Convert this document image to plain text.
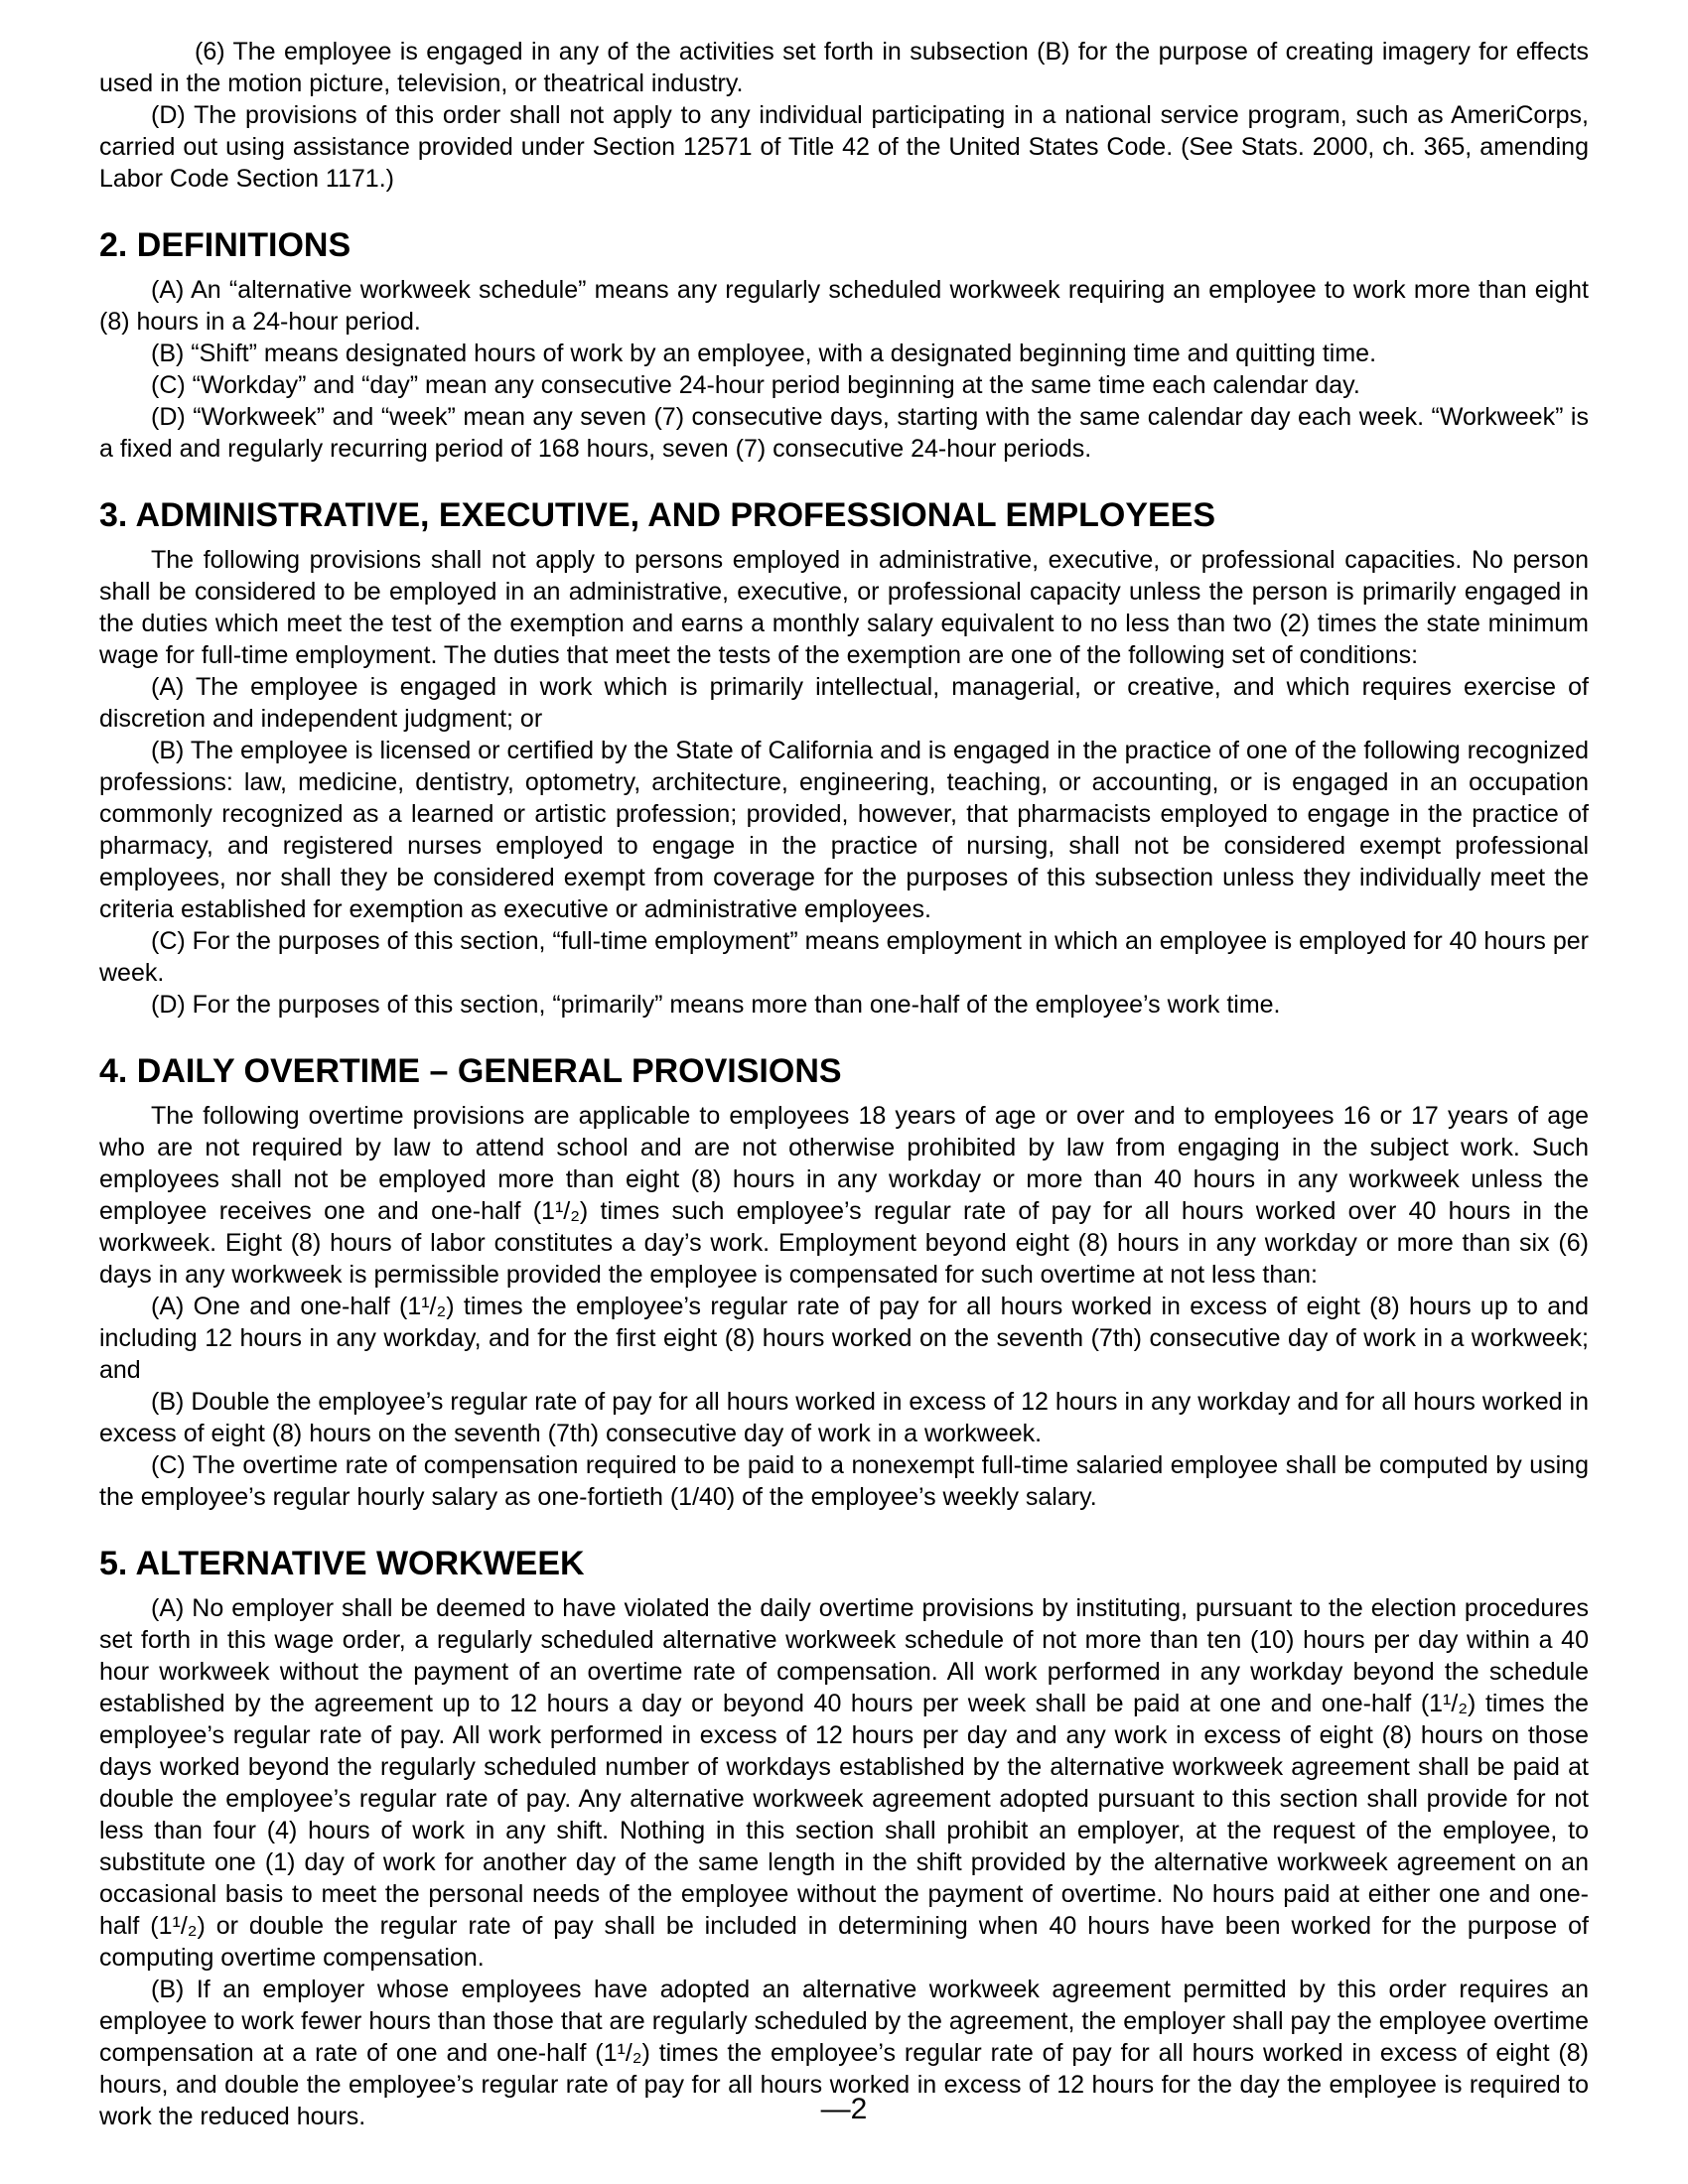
(6) The employee is engaged in any of the activities set forth in subsection (B) for the purpose of creating imagery for effects used in the motion picture, television, or theatrical industry.

(D) The provisions of this order shall not apply to any individual participating in a national service program, such as AmeriCorps, carried out using assistance provided under Section 12571 of Title 42 of the United States Code. (See Stats. 2000, ch. 365, amending Labor Code Section 1171.)

2. DEFINITIONS

(A) An “alternative workweek schedule” means any regularly scheduled workweek requiring an employee to work more than eight (8) hours in a 24-hour period.

(B) “Shift” means designated hours of work by an employee, with a designated beginning time and quitting time.

(C) “Workday” and “day” mean any consecutive 24-hour period beginning at the same time each calendar day.

(D) “Workweek” and “week” mean any seven (7) consecutive days, starting with the same calendar day each week. “Workweek” is a fixed and regularly recurring period of 168 hours, seven (7) consecutive 24-hour periods.

3. ADMINISTRATIVE, EXECUTIVE, AND PROFESSIONAL EMPLOYEES

The following provisions shall not apply to persons employed in administrative, executive, or professional capacities. No person shall be considered to be employed in an administrative, executive, or professional capacity unless the person is primarily engaged in the duties which meet the test of the exemption and earns a monthly salary equivalent to no less than two (2) times the state minimum wage for full-time employment. The duties that meet the tests of the exemption are one of the following set of conditions:

(A) The employee is engaged in work which is primarily intellectual, managerial, or creative, and which requires exercise of discretion and independent judgment; or

(B) The employee is licensed or certified by the State of California and is engaged in the practice of one of the following recognized professions: law, medicine, dentistry, optometry, architecture, engineering, teaching, or accounting, or is engaged in an occupation commonly recognized as a learned or artistic profession; provided, however, that pharmacists employed to engage in the practice of pharmacy, and registered nurses employed to engage in the practice of nursing, shall not be considered exempt professional employees, nor shall they be considered exempt from coverage for the purposes of this subsection unless they individually meet the criteria established for exemption as executive or administrative employees.

(C) For the purposes of this section, “full-time employment” means employment in which an employee is employed for 40 hours per week.

(D) For the purposes of this section, “primarily” means more than one-half of the employee’s work time.

4. DAILY OVERTIME – GENERAL PROVISIONS

The following overtime provisions are applicable to employees 18 years of age or over and to employees 16 or 17 years of age who are not required by law to attend school and are not otherwise prohibited by law from engaging in the subject work. Such employees shall not be employed more than eight (8) hours in any workday or more than 40 hours in any workweek unless the employee receives one and one-half (1¹/₂) times such employee’s regular rate of pay for all hours worked over 40 hours in the workweek. Eight (8) hours of labor constitutes a day’s work. Employment beyond eight (8) hours in any workday or more than six (6) days in any workweek is permissible provided the employee is compensated for such overtime at not less than:

(A) One and one-half (1¹/₂) times the employee’s regular rate of pay for all hours worked in excess of eight (8) hours up to and including 12 hours in any workday, and for the first eight (8) hours worked on the seventh (7th) consecutive day of work in a workweek; and

(B) Double the employee’s regular rate of pay for all hours worked in excess of 12 hours in any workday and for all hours worked in excess of eight (8) hours on the seventh (7th) consecutive day of work in a workweek.

(C) The overtime rate of compensation required to be paid to a nonexempt full-time salaried employee shall be computed by using the employee’s regular hourly salary as one-fortieth (1/40) of the employee’s weekly salary.

5. ALTERNATIVE WORKWEEK

(A) No employer shall be deemed to have violated the daily overtime provisions by instituting, pursuant to the election procedures set forth in this wage order, a regularly scheduled alternative workweek schedule of not more than ten (10) hours per day within a 40 hour workweek without the payment of an overtime rate of compensation. All work performed in any workday beyond the schedule established by the agreement up to 12 hours a day or beyond 40 hours per week shall be paid at one and one-half (1¹/₂) times the employee’s regular rate of pay. All work performed in excess of 12 hours per day and any work in excess of eight (8) hours on those days worked beyond the regularly scheduled number of workdays established by the alternative workweek agreement shall be paid at double the employee’s regular rate of pay. Any alternative workweek agreement adopted pursuant to this section shall provide for not less than four (4) hours of work in any shift. Nothing in this section shall prohibit an employer, at the request of the employee, to substitute one (1) day of work for another day of the same length in the shift provided by the alternative workweek agreement on an occasional basis to meet the personal needs of the employee without the payment of overtime. No hours paid at either one and one-half (1¹/₂) or double the regular rate of pay shall be included in determining when 40 hours have been worked for the purpose of computing overtime compensation.

(B) If an employer whose employees have adopted an alternative workweek agreement permitted by this order requires an employee to work fewer hours than those that are regularly scheduled by the agreement, the employer shall pay the employee overtime compensation at a rate of one and one-half (1¹/₂) times the employee’s regular rate of pay for all hours worked in excess of eight (8) hours, and double the employee’s regular rate of pay for all hours worked in excess of 12 hours for the day the employee is required to work the reduced hours.	—2
